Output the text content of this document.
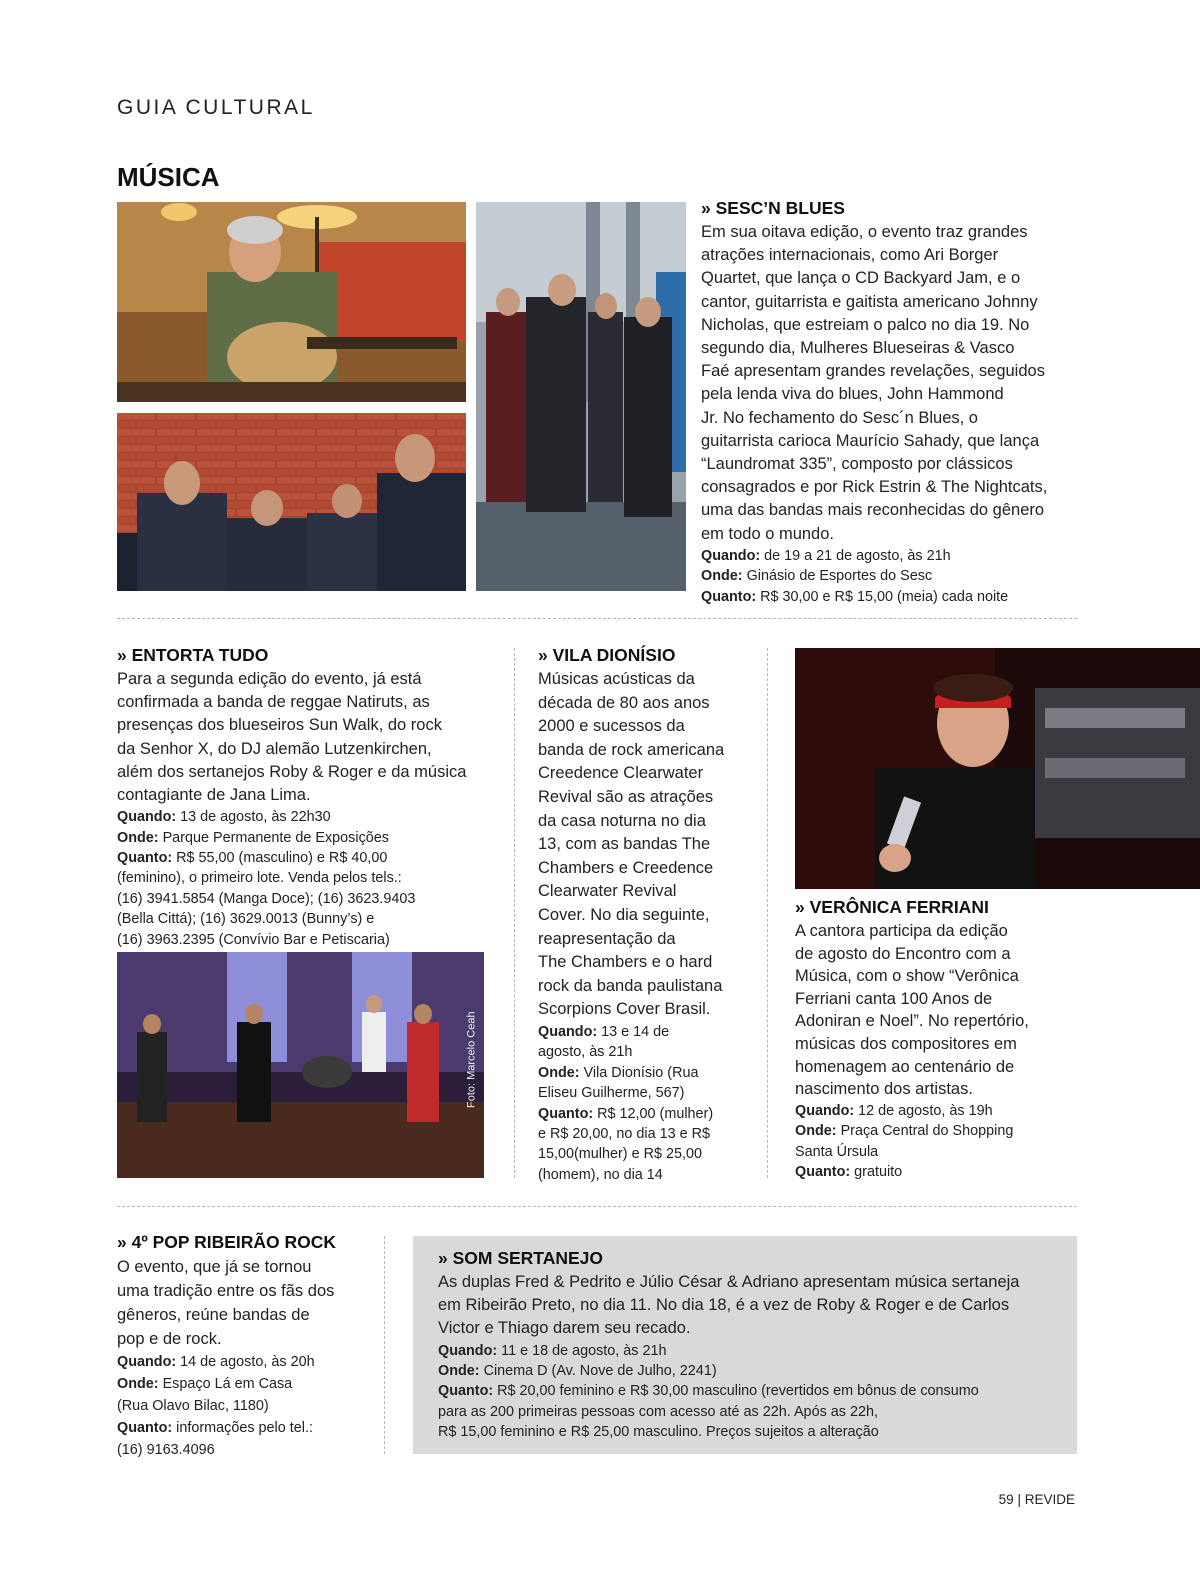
GUIA CULTURAL
MÚSICA
» SESC’N BLUES

Em sua oitava edição, o evento traz grandes
atrações internacionais, como Ari Borger
Quartet, que lança o CD Backyard Jam, e o
cantor, guitarrista e gaitista americano Johnny
Nicholas, que estreiam o palco no dia 19. No
segundo dia, Mulheres Blueseiras & Vasco
Faé apresentam grandes revelações, seguidos
pela lenda viva do blues, John Hammond
Jr. No fechamento do Sesc´n Blues, o
guitarrista carioca Maurício Sahady, que lança
“Laundromat 335”, composto por clássicos
consagrados e por Rick Estrin & The Nightcats,
uma das bandas mais reconhecidas do gênero
em todo o mundo.

Quando: de 19 a 21 de agosto, às 21h
Onde: Ginásio de Esportes do Sesc
Quanto: R$ 30,00 e R$ 15,00 (meia) cada noite
» ENTORTA TUDO

Para a segunda edição do evento, já está
confirmada a banda de reggae Natiruts, as
presenças dos blueseiros Sun Walk, do rock
da Senhor X, do DJ alemão Lutzenkirchen,
além dos sertanejos Roby & Roger e da música
contagiante de Jana Lima.

Quando: 13 de agosto, às 22h30
Onde: Parque Permanente de Exposições
Quanto: R$ 55,00 (masculino) e R$ 40,00
(feminino), o primeiro lote. Venda pelos tels.:
(16) 3941.5854 (Manga Doce); (16) 3623.9403
(Bella Cittá); (16) 3629.0013 (Bunny’s) e
(16) 3963.2395 (Convívio Bar e Petiscaria)
Foto: Marcelo Ceah
» VILA DIONÍSIO

Músicas acústicas da
década de 80 aos anos
2000 e sucessos da
banda de rock americana
Creedence Clearwater
Revival são as atrações
da casa noturna no dia
13, com as bandas The
Chambers e Creedence
Clearwater Revival
Cover. No dia seguinte,
reapresentação da
The Chambers e o hard
rock da banda paulistana
Scorpions Cover Brasil.

Quando: 13 e 14 de
agosto, às 21h
Onde: Vila Dionísio (Rua
Eliseu Guilherme, 567)
Quanto: R$ 12,00 (mulher)
e R$ 20,00, no dia 13 e R$
15,00(mulher) e R$ 25,00
(homem), no dia 14
» VERÔNICA FERRIANI

A cantora participa da edição
de agosto do Encontro com a
Música, com o show “Verônica
Ferriani canta 100 Anos de
Adoniran e Noel”. No repertório,
músicas dos compositores em
homenagem ao centenário de
nascimento dos artistas.

Quando: 12 de agosto, às 19h
Onde: Praça Central do Shopping
Santa Úrsula
Quanto: gratuito
» 4º POP RIBEIRÃO ROCK

O evento, que já se tornou
uma tradição entre os fãs dos
gêneros, reúne bandas de
pop e de rock.

Quando: 14 de agosto, às 20h
Onde: Espaço Lá em Casa
(Rua Olavo Bilac, 1180)
Quanto: informações pelo tel.:
(16) 9163.4096
» SOM SERTANEJO

As duplas Fred & Pedrito e Júlio César & Adriano apresentam música sertaneja
em Ribeirão Preto, no dia 11. No dia 18, é a vez de Roby & Roger e de Carlos
Victor e Thiago darem seu recado.

Quando: 11 e 18 de agosto, às 21h
Onde: Cinema D (Av. Nove de Julho, 2241)
Quanto: R$ 20,00 feminino e R$ 30,00 masculino (revertidos em bônus de consumo
para as 200 primeiras pessoas com acesso até as 22h. Após as 22h,
R$ 15,00 feminino e R$ 25,00 masculino. Preços sujeitos a alteração
59 | REVIDE
